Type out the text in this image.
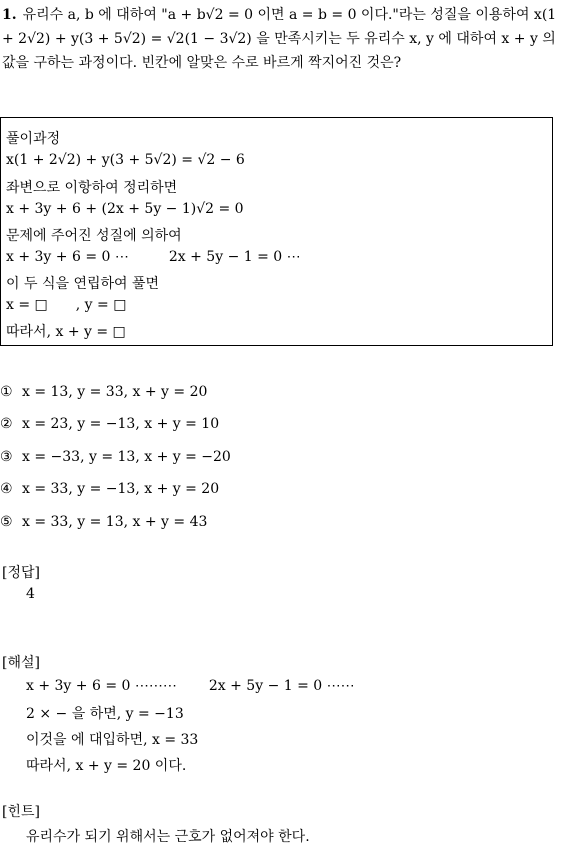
1. 유리수 a, b 에 대하여 "a + b√2 = 0 이면 a = b = 0 이다."라는 성질을 이용하여 x(1 + 2√2) + y(3 + 5√2) = √2(1 − 3√2) 을 만족시키는 두 유리수 x, y 에 대하여 x + y 의 값을 구하는 과정이다. 빈칸에 알맞은 수로 바르게 짝지어진 것은?
풀이과정
x(1 + 2√2) + y(3 + 5√2) = √2 − 6
좌변으로 이항하여 정리하면
x + 3y + 6 + (2x + 5y − 1)√2 = 0
문제에 주어진 성질에 의하여
x + 3y + 6 = 0 ⋯	2x + 5y − 1 = 0 ⋯
이 두 식을 연립하여 풀면
x = □ , y = □
따라서, x + y = □
① x = 13, y = 33, x + y = 20
② x = 23, y = −13, x + y = 10
③ x = −33, y = 13, x + y = −20
④ x = 33, y = −13, x + y = 20
⑤ x = 33, y = 13, x + y = 43
[정답]
4
[해설]
x + 3y + 6 = 0 ⋯⋯⋯ 2x + 5y − 1 = 0 ⋯⋯
2 × − 을 하면, y = −13
이것을 에 대입하면, x = 33
따라서, x + y = 20 이다.
[힌트]
유리수가 되기 위해서는 근호가 없어져야 한다.
